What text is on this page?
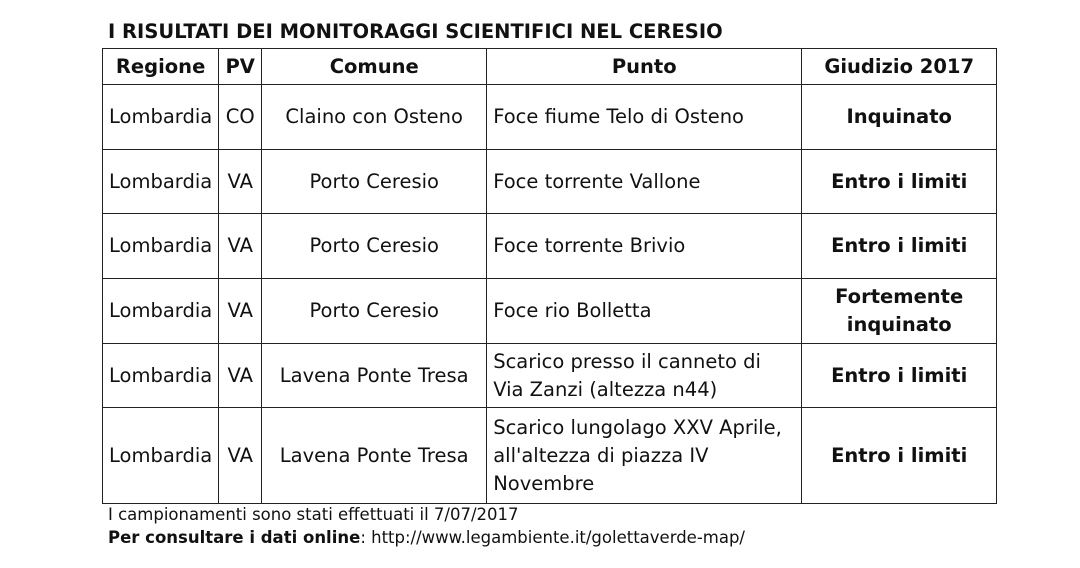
I RISULTATI DEI MONITORAGGI SCIENTIFICI NEL CERESIO
Regione	PV	Comune	Punto	Giudizio 2017
Lombardia	CO	Claino con Osteno	Foce fiume Telo di Osteno	Inquinato
Lombardia	VA	Porto Ceresio	Foce torrente Vallone	Entro i limiti
Lombardia	VA	Porto Ceresio	Foce torrente Brivio	Entro i limiti
Lombardia	VA	Porto Ceresio	Foce rio Bolletta	Fortemente inquinato
Lombardia	VA	Lavena Ponte Tresa	Scarico presso il canneto di Via Zanzi (altezza n44)	Entro i limiti
Lombardia	VA	Lavena Ponte Tresa	Scarico lungolago XXV Aprile, all'altezza di piazza IV Novembre	Entro i limiti
I campionamenti sono stati effettuati il 7/07/2017
Per consultare i dati online: http://www.legambiente.it/golettaverde-map/
